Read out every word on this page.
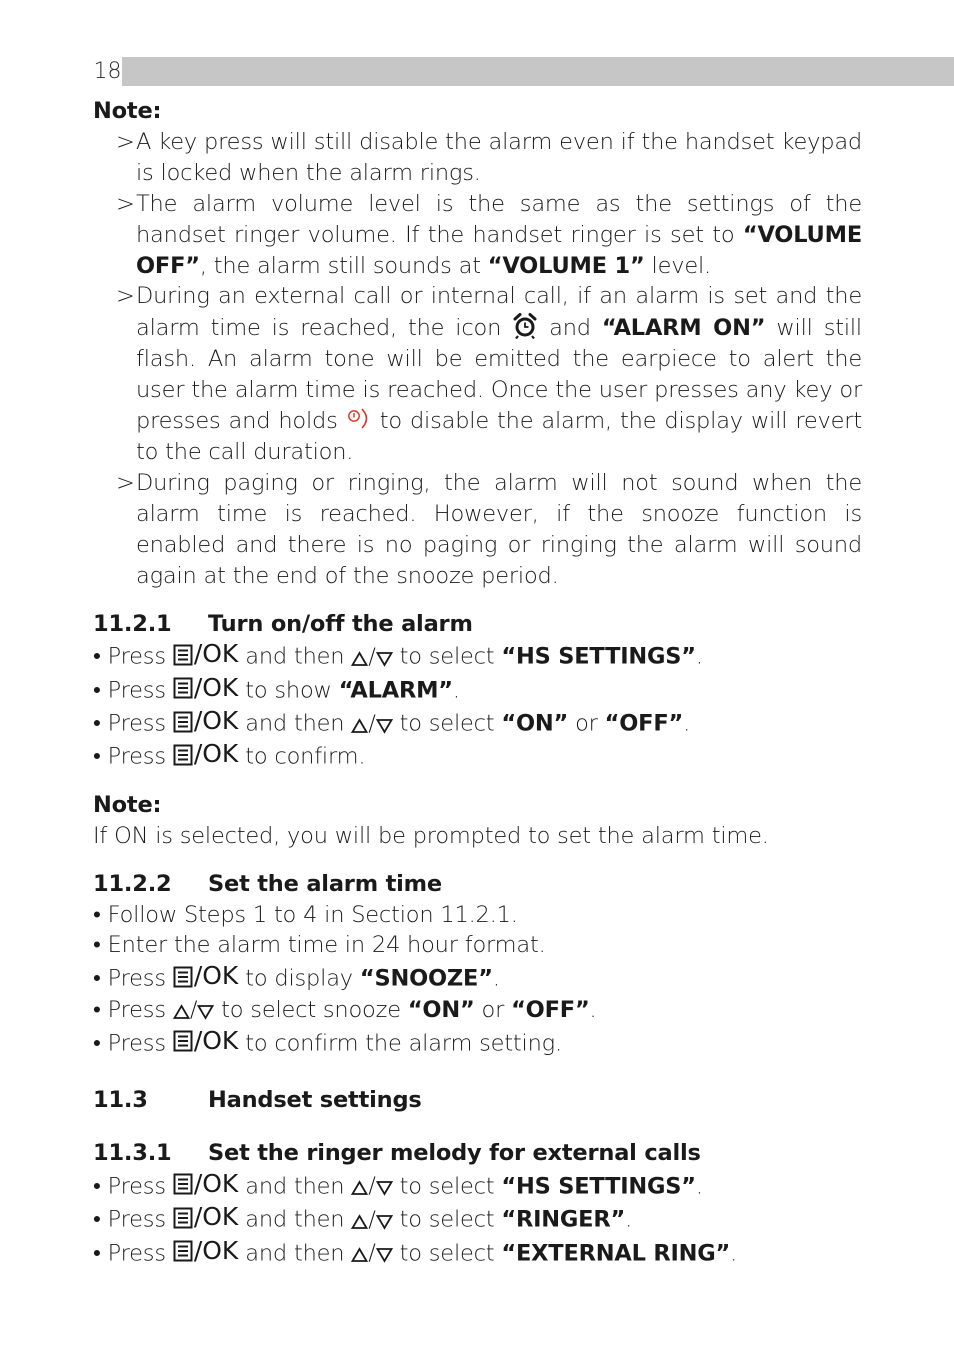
18

Note:

> A key press will still disable the alarm even if the handset keypad is locked when the alarm rings.

> The alarm volume level is the same as the settings of the handset ringer volume. If the handset ringer is set to “VOLUME OFF”, the alarm still sounds at “VOLUME 1” level.

> During an external call or internal call, if an alarm is set and the alarm time is reached, the icon  and “ALARM ON” will still flash. An alarm tone will be emitted the earpiece to alert the user the alarm time is reached. Once the user presses any key or presses and holds  to disable the alarm, the display will revert to the call duration.

> During paging or ringing, the alarm will not sound when the alarm time is reached. However, if the snooze function is enabled and there is no paging or ringing the alarm will sound again at the end of the snooze period.

11.2.1 Turn on/off the alarm

• Press /OK and then / to select “HS SETTINGS”.

• Press /OK to show “ALARM”.

• Press /OK and then / to select “ON” or “OFF”.

• Press /OK to confirm.

Note:

If ON is selected, you will be prompted to set the alarm time.

11.2.2 Set the alarm time

• Follow Steps 1 to 4 in Section 11.2.1.

• Enter the alarm time in 24 hour format.

• Press /OK to display “SNOOZE”.

• Press / to select snooze “ON” or “OFF”.

• Press /OK to confirm the alarm setting.

11.3	Handset settings

11.3.1 Set the ringer melody for external calls

• Press /OK and then / to select “HS SETTINGS”.

• Press /OK and then / to select “RINGER”.

• Press /OK and then / to select “EXTERNAL RING”.
